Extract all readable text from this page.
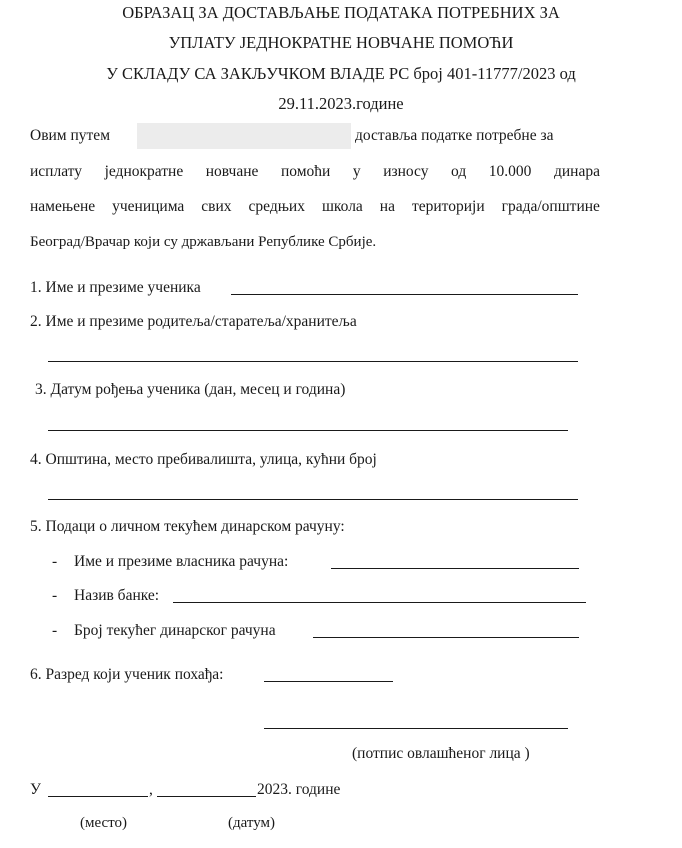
ОБРАЗАЦ ЗА ДОСТАВЉАЊЕ ПОДАТАКА ПОТРЕБНИХ ЗА
УПЛАТУ ЈЕДНОКРАТНЕ НОВЧАНЕ ПОМОЋИ
У СКЛАДУ СА ЗАКЉУЧКОМ ВЛАДЕ РС број 401-11777/2023 од
29.11.2023.године
Овим путем	доставља податкe потребне за
исплату једнократне новчане помоћи у износу од 10.000 динара
намењене ученицима свих средњих школа на територији града/општине
Београд/Врачар који су држављани Републике Србије.
1. Име и презиме ученика
2. Име и презиме родитеља/старатеља/хранитеља
3. Датум рођења ученика (дан, месец и година)
4. Општина, место пребивалишта, улица, кућни број
5. Подаци о личном текућем динарском рачуну:
- Име и презиме власника рачуна:
- Назив банке:
- Број текућег динарског рачуна
6. Разред који ученик похађа:
(потпис овлашћеног лица )
У	,	2023. године
(место)	(датум)
